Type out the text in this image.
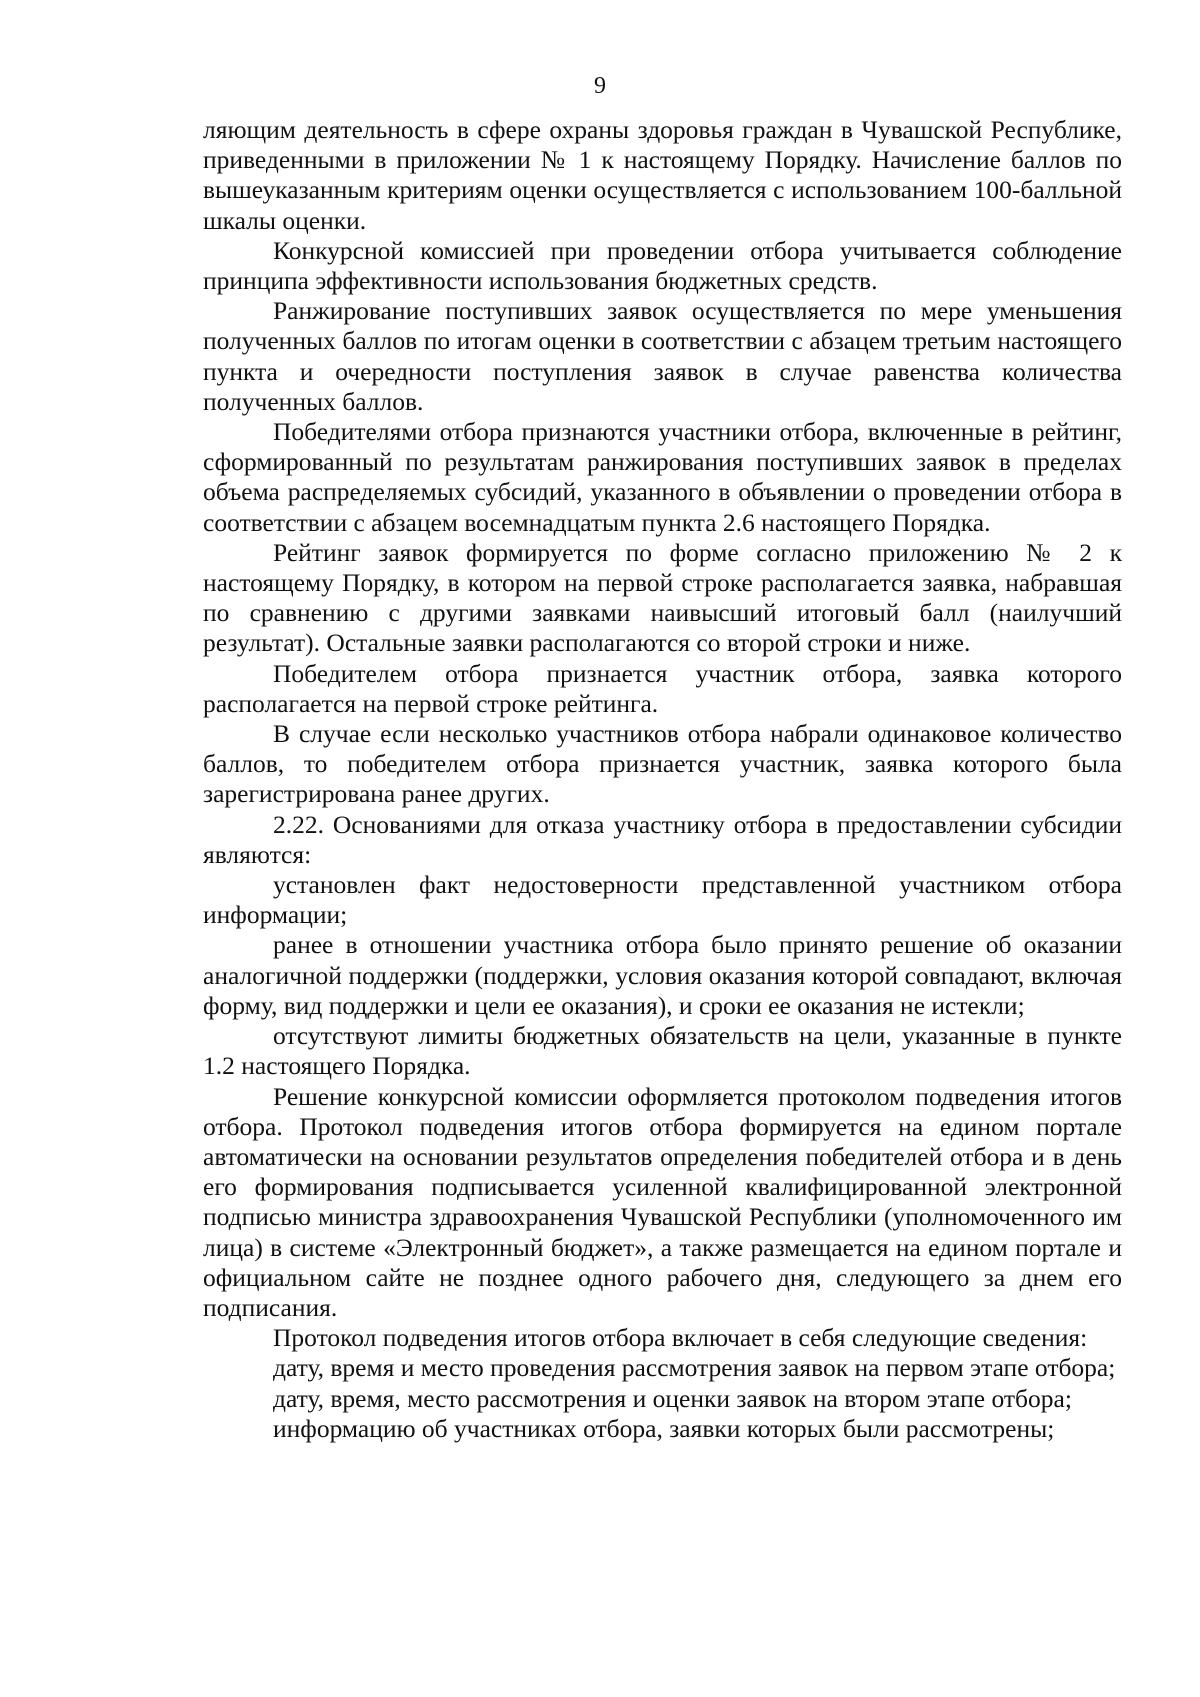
9

ляющим деятельность в сфере охраны здоровья граждан в Чувашской Республике, приведенными в приложении № 1 к настоящему Порядку. Начисление баллов по вышеуказанным критериям оценки осуществляется с использованием 100-балльной шкалы оценки.

Конкурсной комиссией при проведении отбора учитывается соблюдение принципа эффективности использования бюджетных средств.

Ранжирование поступивших заявок осуществляется по мере уменьшения полученных баллов по итогам оценки в соответствии с абзацем третьим настоящего пункта и очередности поступления заявок в случае равенства количества полученных баллов.

Победителями отбора признаются участники отбора, включенные в рейтинг, сформированный по результатам ранжирования поступивших заявок в пределах объема распределяемых субсидий, указанного в объявлении о проведении отбора в соответствии с абзацем восемнадцатым пункта 2.6 настоящего Порядка.

Рейтинг заявок формируется по форме согласно приложению № 2 к настоящему Порядку, в котором на первой строке располагается заявка, набравшая по сравнению с другими заявками наивысший итоговый балл (наилучший результат). Остальные заявки располагаются со второй строки и ниже.

Победителем отбора признается участник отбора, заявка которого располагается на первой строке рейтинга.

В случае если несколько участников отбора набрали одинаковое количество баллов, то победителем отбора признается участник, заявка которого была зарегистрирована ранее других.

2.22. Основаниями для отказа участнику отбора в предоставлении субсидии являются:

установлен факт недостоверности представленной участником отбора информации;

ранее в отношении участника отбора было принято решение об оказании аналогичной поддержки (поддержки, условия оказания которой совпадают, включая форму, вид поддержки и цели ее оказания), и сроки ее оказания не истекли;

отсутствуют лимиты бюджетных обязательств на цели, указанные в пункте 1.2 настоящего Порядка.

Решение конкурсной комиссии оформляется протоколом подведения итогов отбора. Протокол подведения итогов отбора формируется на едином портале автоматически на основании результатов определения победителей отбора и в день его формирования подписывается усиленной квалифицированной электронной подписью министра здравоохранения Чувашской Республики (уполномоченного им лица) в системе «Электронный бюджет», а также размещается на едином портале и официальном сайте не позднее одного рабочего дня, следующего за днем его подписания.

Протокол подведения итогов отбора включает в себя следующие сведения:

дату, время и место проведения рассмотрения заявок на первом этапе отбора;

дату, время, место рассмотрения и оценки заявок на втором этапе отбора;

информацию об участниках отбора, заявки которых были рассмотрены;
